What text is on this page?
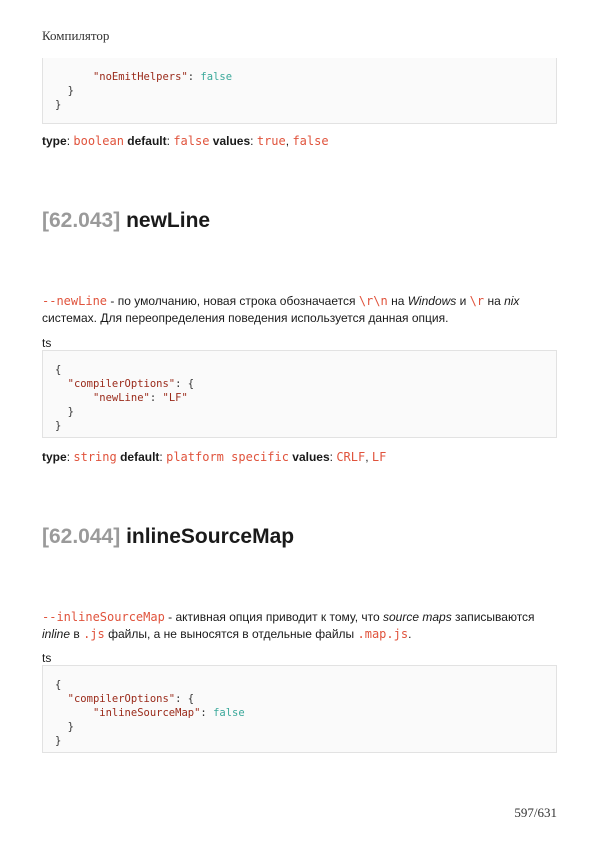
Компилятор
"noEmitHelpers": false
}
}
type: boolean default: false values: true, false
[62.043] newLine
--newLine - по умолчанию, новая строка обозначается \r\n на Windows и \r на nix
системах. Для переопределения поведения используется данная опция.
ts
{
"compilerOptions": {
"newLine": "LF"
}
}
type: string default: platform specific values: CRLF, LF
[62.044] inlineSourceMap
--inlineSourceMap - активная опция приводит к тому, что source maps записываются
inline в .js файлы, а не выносятся в отдельные файлы .map.js.
ts
{
"compilerOptions": {
"inlineSourceMap": false
}
}
597/631
